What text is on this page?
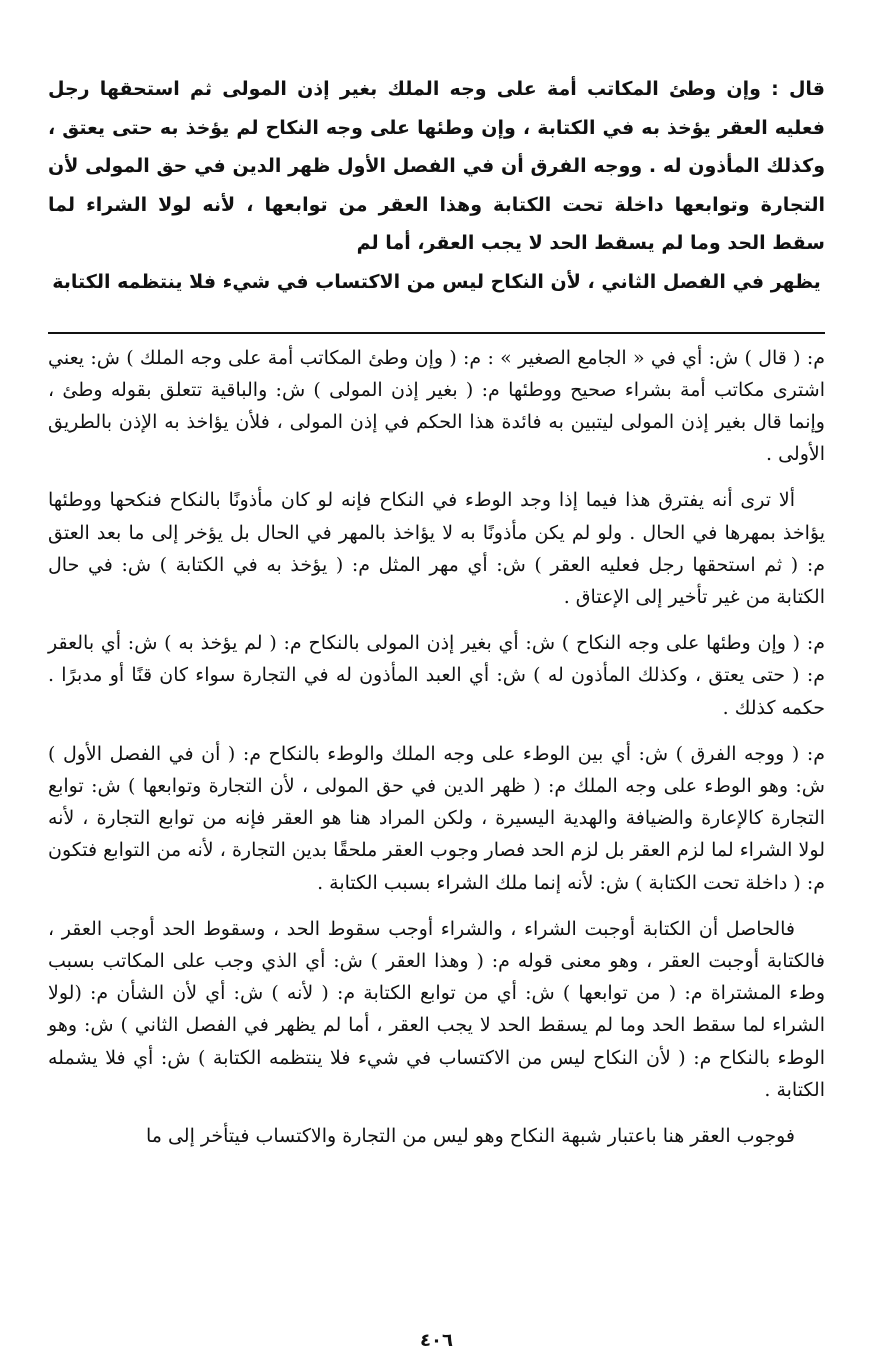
قال : وإن وطئ المكاتب أمة على وجه الملك بغير إذن المولى ثم استحقها رجل فعليه العقر يؤخذ به في الكتابة ، وإن وطئها على وجه النكاح لم يؤخذ به حتى يعتق ، وكذلك المأذون له . ووجه الفرق أن في الفصل الأول ظهر الدين في حق المولى لأن التجارة وتوابعها داخلة تحت الكتابة وهذا العقر من توابعها ، لأنه لولا الشراء لما سقط الحد وما لم يسقط الحد لا يجب العقر، أما لم
يظهر في الفصل الثاني ، لأن النكاح ليس من الاكتساب في شيء فلا ينتظمه الكتابة

م: ( قال ) ش: أي في « الجامع الصغير » : م: ( وإن وطئ المكاتب أمة على وجه الملك ) ش: يعني اشترى مكاتب أمة بشراء صحيح ووطئها م: ( بغير إذن المولى ) ش: والباقية تتعلق بقوله وطئ ، وإنما قال بغير إذن المولى ليتبين به فائدة هذا الحكم في إذن المولى ، فلأن يؤاخذ به الإذن بالطريق الأولى .

ألا ترى أنه يفترق هذا فيما إذا وجد الوطء في النكاح فإنه لو كان مأذونًا بالنكاح فنكحها ووطئها يؤاخذ بمهرها في الحال . ولو لم يكن مأذونًا به لا يؤاخذ بالمهر في الحال بل يؤخر إلى ما بعد العتق م: ( ثم استحقها رجل فعليه العقر ) ش: أي مهر المثل م: ( يؤخذ به في الكتابة ) ش: في حال الكتابة من غير تأخير إلى الإعتاق .

م: ( وإن وطئها على وجه النكاح ) ش: أي بغير إذن المولى بالنكاح م: ( لم يؤخذ به ) ش: أي بالعقر م: ( حتى يعتق ، وكذلك المأذون له ) ش: أي العبد المأذون له في التجارة سواء كان قنًا أو مدبرًا . حكمه كذلك .

م: ( ووجه الفرق ) ش: أي بين الوطء على وجه الملك والوطء بالنكاح م: ( أن في الفصل الأول ) ش: وهو الوطء على وجه الملك م: ( ظهر الدين في حق المولى ، لأن التجارة وتوابعها ) ش: توابع التجارة كالإعارة والضيافة والهدية اليسيرة ، ولكن المراد هنا هو العقر فإنه من توابع التجارة ، لأنه لولا الشراء لما لزم العقر بل لزم الحد فصار وجوب العقر ملحقًا بدين التجارة ، لأنه من التوابع فتكون م: ( داخلة تحت الكتابة ) ش: لأنه إنما ملك الشراء بسبب الكتابة .

فالحاصل أن الكتابة أوجبت الشراء ، والشراء أوجب سقوط الحد ، وسقوط الحد أوجب العقر ، فالكتابة أوجبت العقر ، وهو معنى قوله م: ( وهذا العقر ) ش: أي الذي وجب على المكاتب بسبب وطء المشتراة م: ( من توابعها ) ش: أي من توابع الكتابة م: ( لأنه ) ش: أي لأن الشأن م: (لولا الشراء لما سقط الحد وما لم يسقط الحد لا يجب العقر ، أما لم يظهر في الفصل الثاني ) ش: وهو الوطء بالنكاح م: ( لأن النكاح ليس من الاكتساب في شيء فلا ينتظمه الكتابة ) ش: أي فلا يشمله الكتابة .

فوجوب العقر هنا باعتبار شبهة النكاح وهو ليس من التجارة والاكتساب فيتأخر إلى ما

٤٠٦
